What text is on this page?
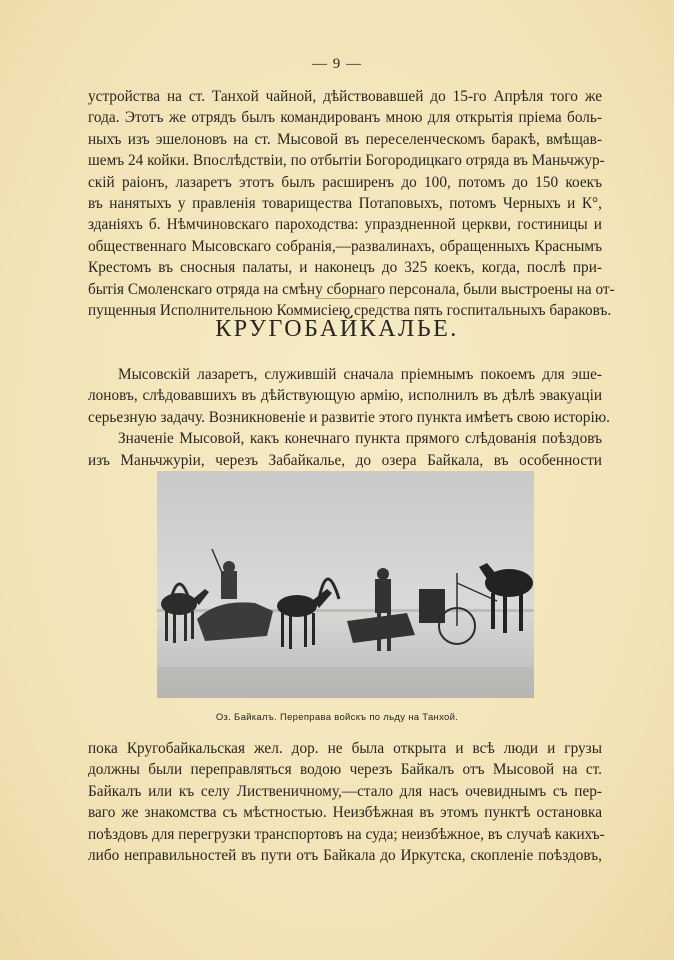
— 9 —
устройства на ст. Танхой чайной, дѣйствовавшей до 15-го Апрѣля того же
года. Этотъ же отрядъ былъ командированъ мною для открытія пріема боль-
ныхъ изъ эшелоновъ на ст. Мысовой въ переселенческомъ баракѣ, вмѣщав-
шемъ 24 койки. Впослѣдствіи, по отбытіи Богородицкаго отряда въ Маньчжур-
скій раіонъ, лазаретъ этотъ былъ расширенъ до 100, потомъ до 150 коекъ
въ нанятыхъ у правленія товарищества Потаповыхъ, потомъ Черныхъ и К°,
зданіяхъ б. Нѣмчиновскаго пароходства: упраздненной церкви, гостиницы и
общественнаго Мысовскаго собранія,—развалинахъ, обращенныхъ Краснымъ
Крестомъ въ сносныя палаты, и наконецъ до 325 коекъ, когда, послѣ при-
бытія Смоленскаго отряда на смѣну сборнаго персонала, были выстроены на от-
пущенныя Исполнительною Коммисіею средства пять госпитальныхъ бараковъ.
КРУГОБАЙКАЛЬЕ.
Мысовскій лазаретъ, служившій сначала пріемнымъ покоемъ для эше-
лоновъ, слѣдовавшихъ въ дѣйствующую армію, исполнилъ въ дѣлѣ эвакуаціи
серьезную задачу. Возникновеніе и развитіе этого пункта имѣетъ свою исторію.
Значеніе Мысовой, какъ конечнаго пункта прямого слѣдованія поѣздовъ
изъ Маньчжуріи, черезъ Забайкалье, до озера Байкала, въ особенности
Оз. Байкалъ. Переправа войскъ по льду на Танхой.
пока Кругобайкальская жел. дор. не была открыта и всѣ люди и грузы
должны были переправляться водою черезъ Байкалъ отъ Мысовой на ст.
Байкалъ или къ селу Лиственичному,—стало для насъ очевиднымъ съ пер-
ваго же знакомства съ мѣстностью. Неизбѣжная въ этомъ пунктѣ остановка
поѣздовъ для перегрузки транспортовъ на суда; неизбѣжное, въ случаѣ какихъ-
либо неправильностей въ пути отъ Байкала до Иркутска, скопленіе поѣздовъ,
